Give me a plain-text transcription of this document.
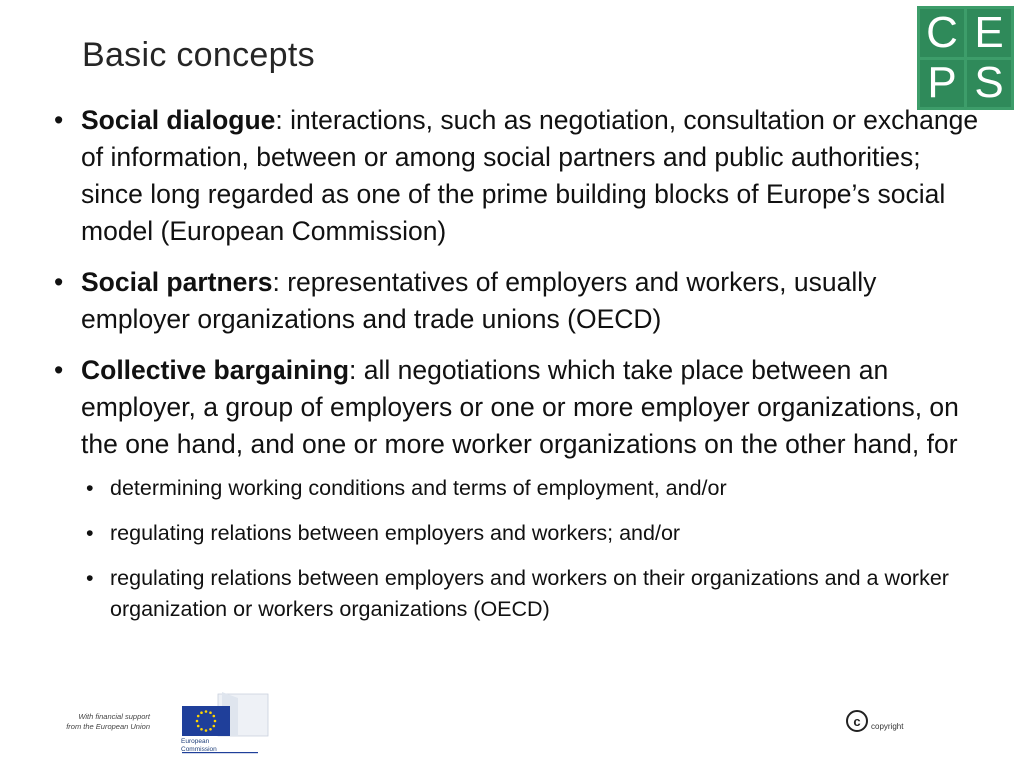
Basic concepts	C E
P S
• Social dialogue: interactions, such as negotiation, consultation or exchange of information, between or among social partners and public authorities; since long regarded as one of the prime building blocks of Europe’s social model (European Commission)
• Social partners: representatives of employers and workers, usually employer organizations and trade unions (OECD)
• Collective bargaining: all negotiations which take place between an employer, a group of employers or one or more employer organizations, on the one hand, and one or more worker organizations on the other hand, for
• determining working conditions and terms of employment, and/or
• regulating relations between employers and workers; and/or
• regulating relations between employers and workers on their organizations and a worker organization or workers organizations (OECD)
With financial support
from the European Union
European
Commission
c	copyright
